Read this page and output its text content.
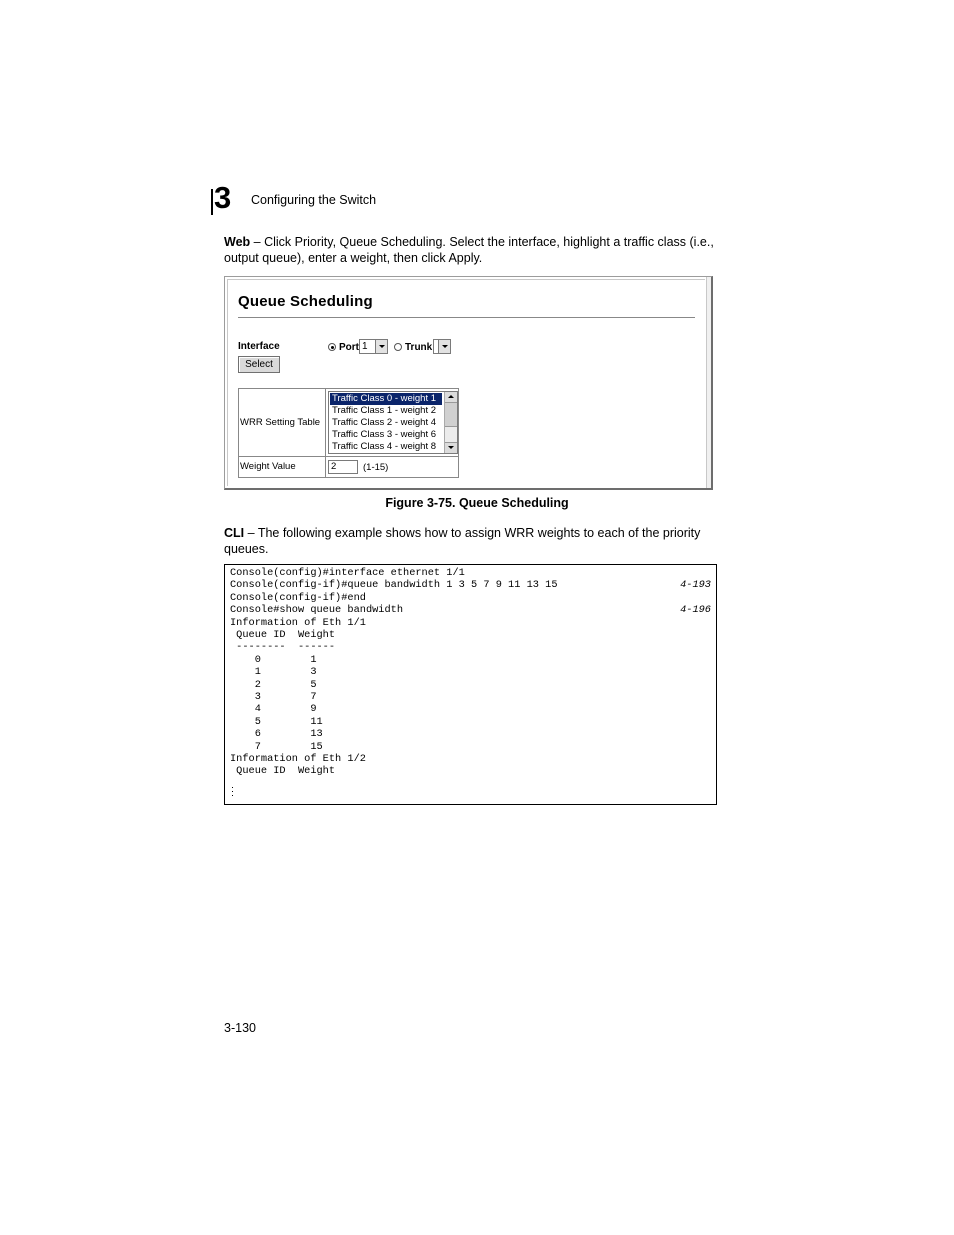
3 Configuring the Switch
Web – Click Priority, Queue Scheduling. Select the interface, highlight a traffic class (i.e., output queue), enter a weight, then click Apply.
Queue Scheduling
Interface	Port 1	Trunk
Select
WRR Setting Table
Traffic Class 0 - weight 1
Traffic Class 1 - weight 2
Traffic Class 2 - weight 4
Traffic Class 3 - weight 6
Traffic Class 4 - weight 8
Weight Value	2	(1-15)
Figure 3-75. Queue Scheduling
CLI – The following example shows how to assign WRR weights to each of the priority queues.
Console(config)#interface ethernet 1/1
Console(config-if)#queue bandwidth 1 3 5 7 9 11 13 15	4-193
Console(config-if)#end
Console#show queue bandwidth	4-196
Information of Eth 1/1
Queue ID  Weight
--------  ------
0        1
1        3
2        5
3        7
4        9
5        11
6        13
7        15
Information of Eth 1/2
Queue ID  Weight
3-130
